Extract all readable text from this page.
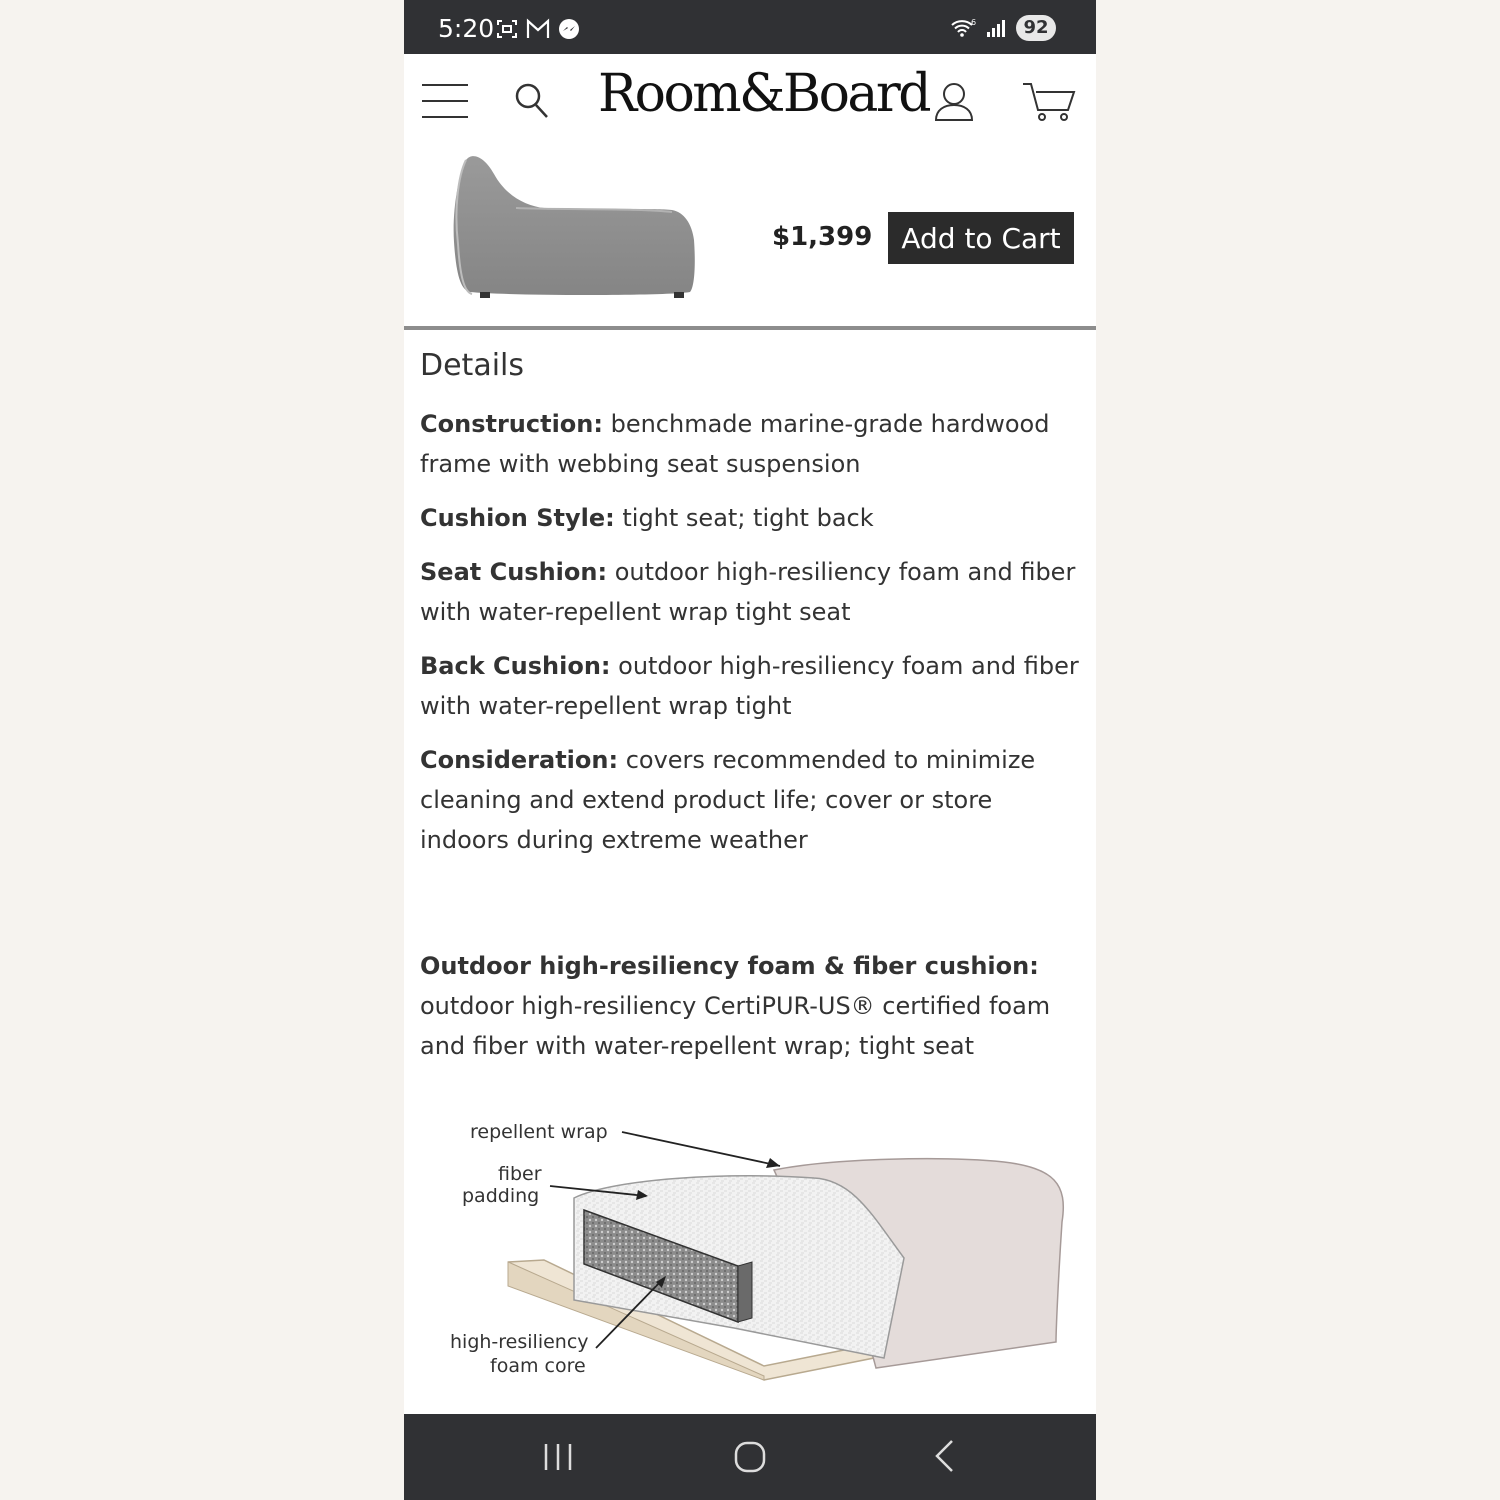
5:20	6	92
Room&Board
$1,399	Add to Cart
Details

Construction: benchmade marine-grade hardwood frame with webbing seat suspension

Cushion Style: tight seat; tight back

Seat Cushion: outdoor high-resiliency foam and fiber with water-repellent wrap tight seat

Back Cushion: outdoor high-resiliency foam and fiber with water-repellent wrap tight

Consideration: covers recommended to minimize cleaning and extend product life; cover or store indoors during extreme weather

Outdoor high-resiliency foam & fiber cushion:
outdoor high-resiliency CertiPUR-US® certified foam and fiber with water-repellent wrap; tight seat

repellent wrap
fiber
padding
high-resiliency
foam core
